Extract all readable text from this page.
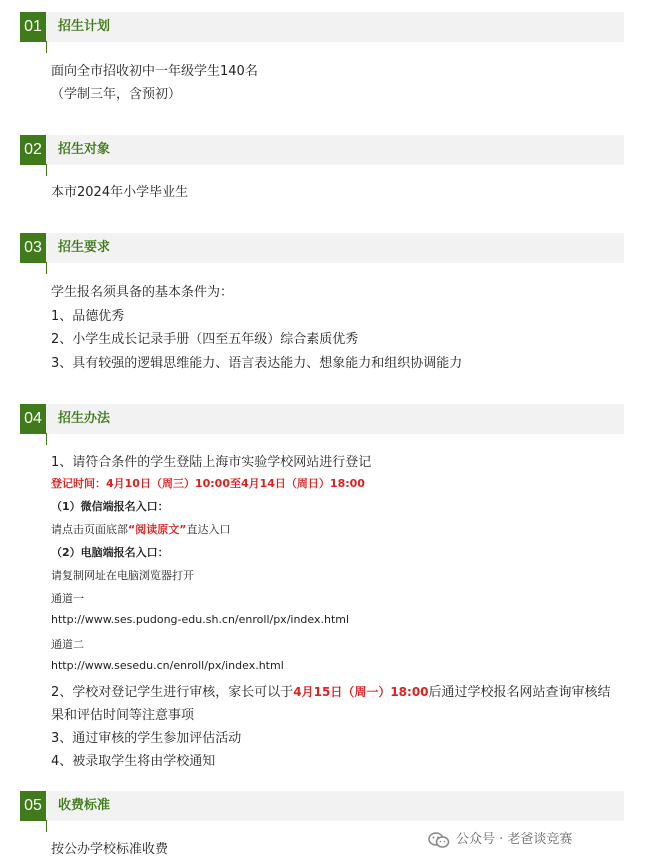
01	招生计划
面向全市招收初中一年级学生140名
（学制三年，含预初）
02	招生对象
本市2024年小学毕业生
03	招生要求
学生报名须具备的基本条件为：
1、品德优秀
2、小学生成长记录手册（四至五年级）综合素质优秀
3、具有较强的逻辑思维能力、语言表达能力、想象能力和组织协调能力
04	招生办法
1、请符合条件的学生登陆上海市实验学校网站进行登记
登记时间：4月10日（周三）10:00至4月14日（周日）18:00
（1）微信端报名入口：
请点击页面底部“阅读原文”直达入口
（2）电脑端报名入口：
请复制网址在电脑浏览器打开
通道一
http://www.ses.pudong-edu.sh.cn/enroll/px/index.html
通道二
http://www.sesedu.cn/enroll/px/index.html
2、学校对登记学生进行审核，家长可以于4月15日（周一）18:00后通过学校报名网站查询审核结
果和评估时间等注意事项
3、通过审核的学生参加评估活动
4、被录取学生将由学校通知
05	收费标准
按公办学校标准收费
公众号 · 老爸谈竞赛
